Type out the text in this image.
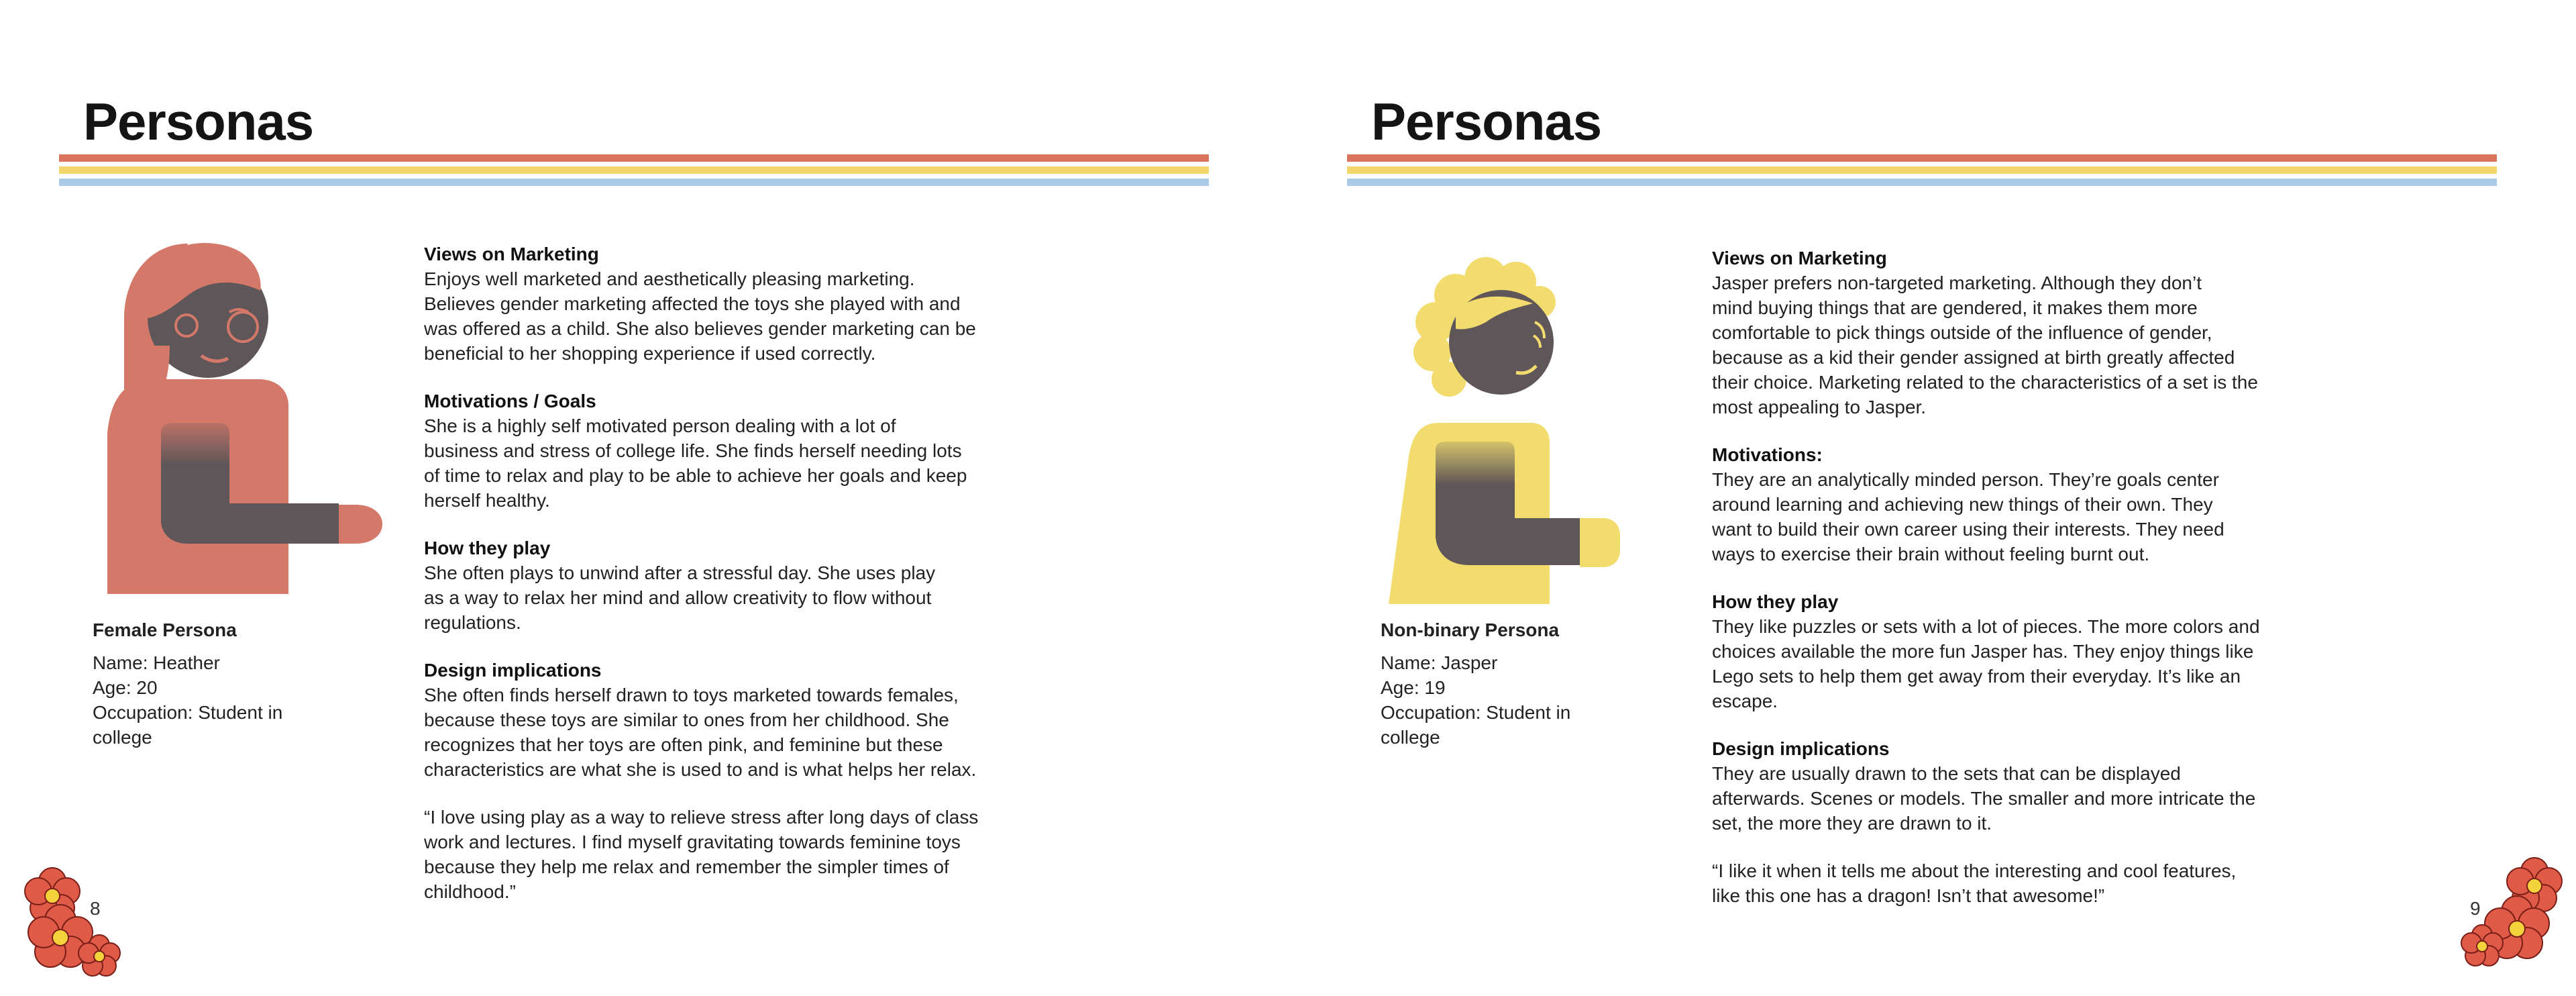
Personas
Female Persona
Name: Heather
Age: 20
Occupation: Student in
college
Views on Marketing

Enjoys well marketed and aesthetically pleasing marketing.
Believes gender marketing affected the toys she played with and
was offered as a child. She also believes gender marketing can be
beneficial to her shopping experience if used correctly.

Motivations / Goals

She is a highly self motivated person dealing with a lot of
business and stress of college life. She finds herself needing lots
of time to relax and play to be able to achieve her goals and keep
herself healthy.

How they play

She often plays to unwind after a stressful day. She uses play
as a way to relax her mind and allow creativity to flow without
regulations.

Design implications

She often finds herself drawn to toys marketed towards females,
because these toys are similar to ones from her childhood. She
recognizes that her toys are often pink, and feminine but these
characteristics are what she is used to and is what helps her relax.

“I love using play as a way to relieve stress after long days of class
work and lectures. I find myself gravitating towards feminine toys
because they help me relax and remember the simpler times of
childhood.”

8
Personas
Non-binary Persona
Name: Jasper
Age: 19
Occupation: Student in
college
Views on Marketing

Jasper prefers non-targeted marketing. Although they don’t
mind buying things that are gendered, it makes them more
comfortable to pick things outside of the influence of gender,
because as a kid their gender assigned at birth greatly affected
their choice. Marketing related to the characteristics of a set is the
most appealing to Jasper.

Motivations:

They are an analytically minded person. They’re goals center
around learning and achieving new things of their own. They
want to build their own career using their interests. They need
ways to exercise their brain without feeling burnt out.

How they play

They like puzzles or sets with a lot of pieces. The more colors and
choices available the more fun Jasper has. They enjoy things like
Lego sets to help them get away from their everyday. It’s like an
escape.

Design implications

They are usually drawn to the sets that can be displayed
afterwards. Scenes or models. The smaller and more intricate the
set, the more they are drawn to it.

“I like it when it tells me about the interesting and cool features,
like this one has a dragon! Isn’t that awesome!”

9
